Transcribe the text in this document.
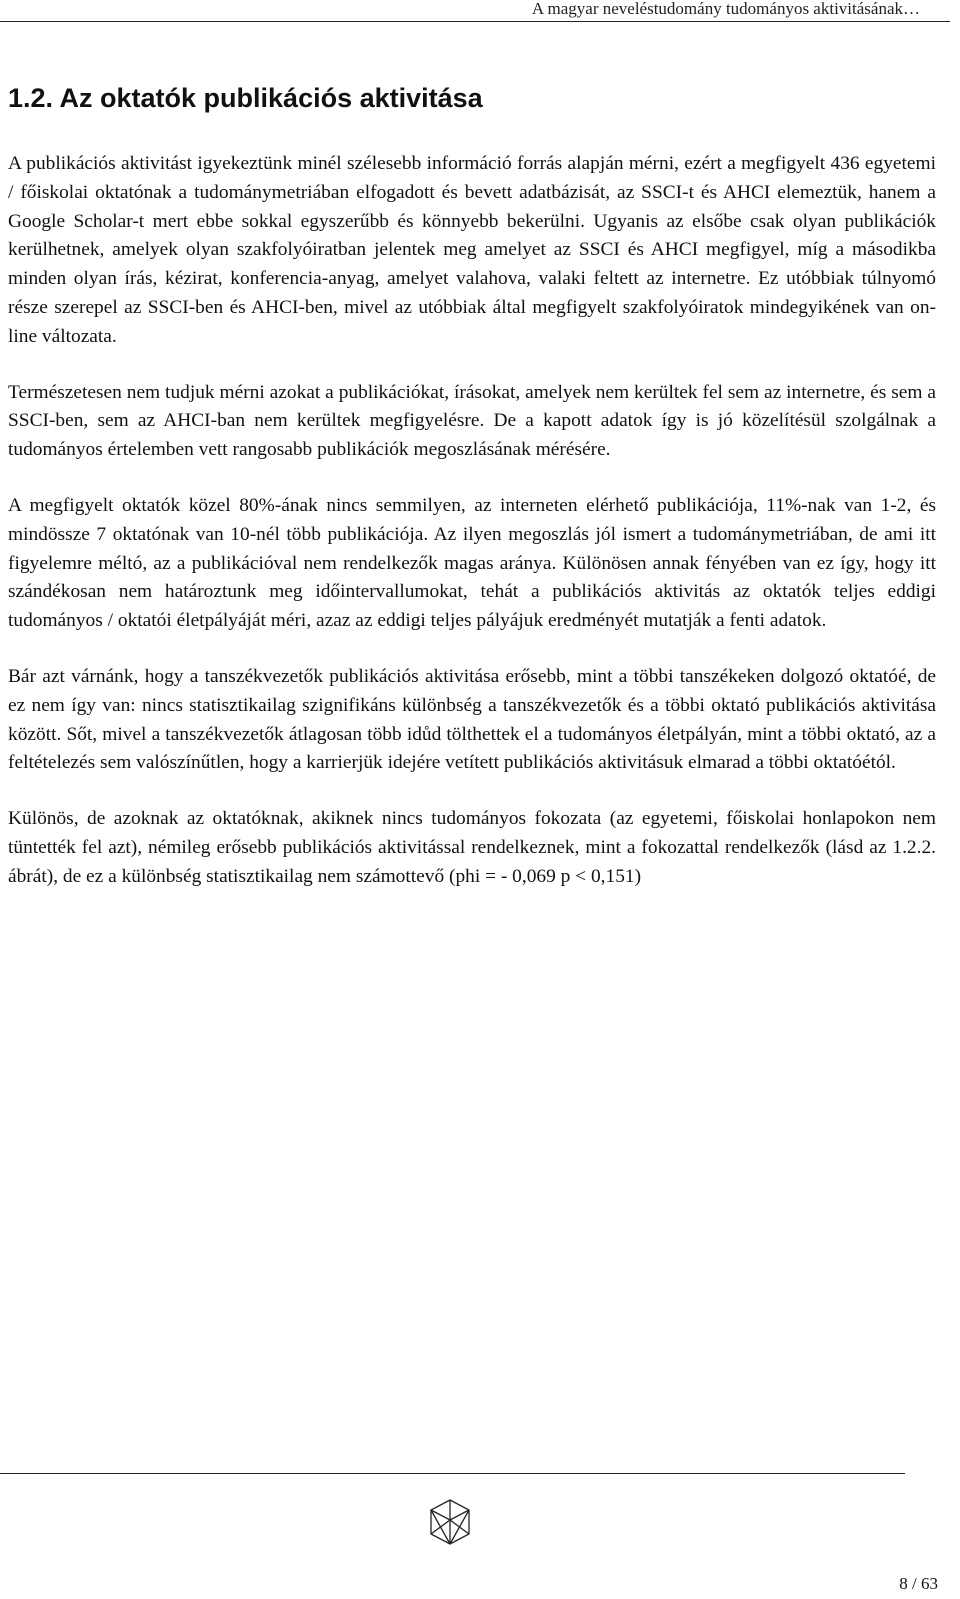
A magyar neveléstudomány tudományos aktivitásának…
1.2. Az oktatók publikációs aktivitása

A publikációs aktivitást igyekeztünk minél szélesebb információ forrás alapján mérni, ezért a megfigyelt 436 egyetemi / főiskolai oktatónak a tudománymetriában elfogadott és bevett adatbázisát, az SSCI-t és AHCI elemeztük, hanem a Google Scholar-t mert ebbe sokkal egyszerűbb és könnyebb bekerülni. Ugyanis az elsőbe csak olyan publikációk kerülhetnek, amelyek olyan szakfolyóiratban jelentek meg amelyet az SSCI és AHCI megfigyel, míg a másodikba minden olyan írás, kézirat, konferencia-anyag, amelyet valahova, valaki feltett az internetre. Ez utóbbiak túlnyomó része szerepel az SSCI-ben és AHCI-ben, mivel az utóbbiak által megfigyelt szakfolyóiratok mindegyikének van on-line változata.

Természetesen nem tudjuk mérni azokat a publikációkat, írásokat, amelyek nem kerültek fel sem az internetre, és sem a SSCI-ben, sem az AHCI-ban nem kerültek megfigyelésre. De a kapott adatok így is jó közelítésül szolgálnak a tudományos értelemben vett rangosabb publikációk megoszlásának mérésére.

A megfigyelt oktatók közel 80%-ának nincs semmilyen, az interneten elérhető publikációja, 11%-nak van 1-2, és mindössze 7 oktatónak van 10-nél több publikációja. Az ilyen megoszlás jól ismert a tudománymetriában, de ami itt figyelemre méltó, az a publikációval nem rendelkezők magas aránya. Különösen annak fényében van ez így, hogy itt szándékosan nem határoztunk meg időintervallumokat, tehát a publikációs aktivitás az oktatók teljes eddigi tudományos / oktatói életpályáját méri, azaz az eddigi teljes pályájuk eredményét mutatják a fenti adatok.

Bár azt várnánk, hogy a tanszékvezetők publikációs aktivitása erősebb, mint a többi tanszékeken dolgozó oktatóé, de ez nem így van: nincs statisztikailag szignifikáns különbség a tanszékvezetők és a többi oktató publikációs aktivitása között. Sőt, mivel a tanszékvezetők átlagosan több idůd tölthettek el a tudományos életpályán, mint a többi oktató, az a feltételezés sem valószínűtlen, hogy a karrierjük idejére vetített publikációs aktivitásuk elmarad a többi oktatóétól.

Különös, de azoknak az oktatóknak, akiknek nincs tudományos fokozata (az egyetemi, főiskolai honlapokon nem tüntették fel azt), némileg erősebb publikációs aktivitással rendelkeznek, mint a fokozattal rendelkezők (lásd az 1.2.2. ábrát), de ez a különbség statisztikailag nem számottevő (phi = - 0,069 p < 0,151)

8 / 63
